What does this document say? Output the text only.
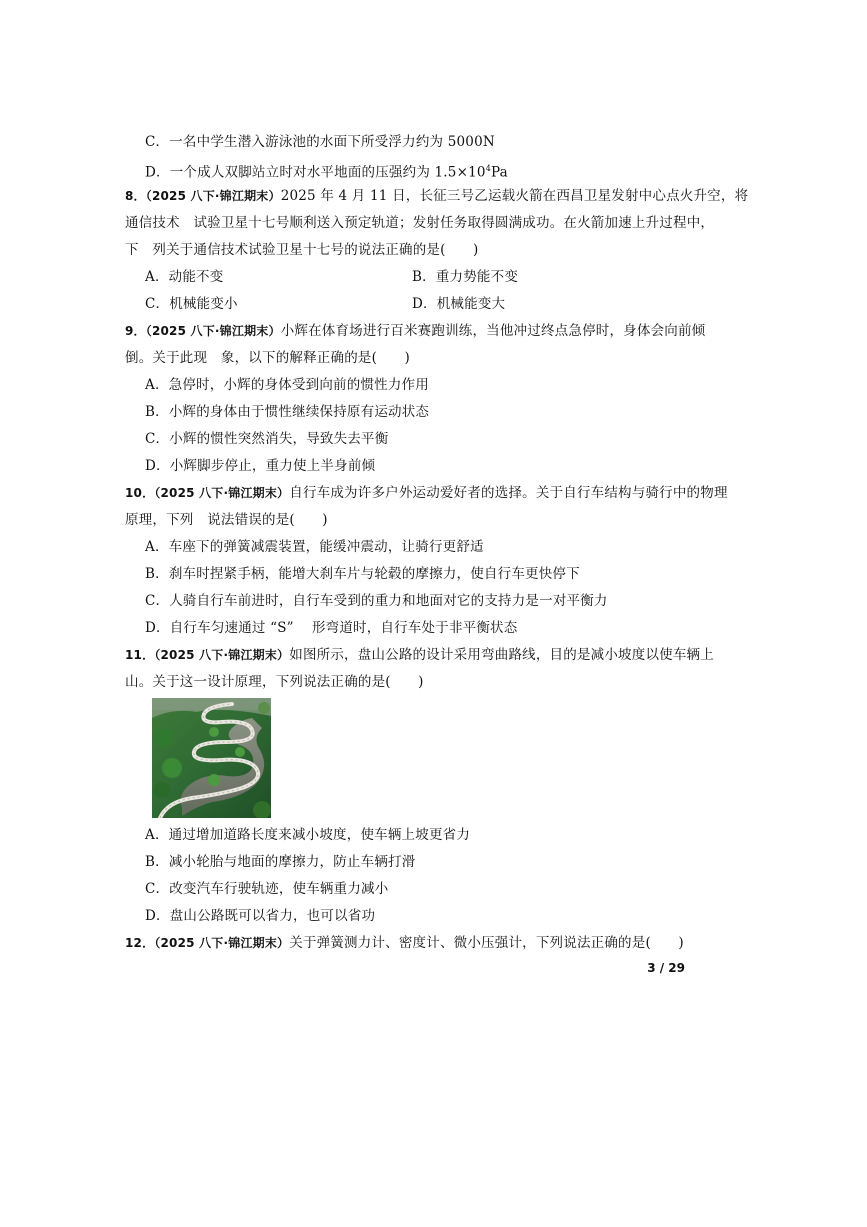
C．一名中学生潜入游泳池的水面下所受浮力约为 5000N
D．一个成人双脚站立时对水平地面的压强约为 $1.5\times 10^4Pa$
8．（2025 八下·锦江期末）2025 年 4 月 11 日，长征三号乙运载火箭在西昌卫星发射中心点火升空，将
通信技术　试验卫星十七号顺利送入预定轨道；发射任务取得圆满成功。在火箭加速上升过程中，
下　列关于通信技术试验卫星十七号的说法正确的是(　　)
A．动能不变	B．重力势能不变
C．机械能变小	D．机械能变大
9．（2025 八下·锦江期末）小辉在体育场进行百米赛跑训练，当他冲过终点急停时，身体会向前倾
倒。关于此现　象，以下的解释正确的是(　　)
A．急停时，小辉的身体受到向前的惯性力作用
B．小辉的身体由于惯性继续保持原有运动状态
C．小辉的惯性突然消失，导致失去平衡
D．小辉脚步停止，重力使上半身前倾
10．（2025 八下·锦江期末）自行车成为许多户外运动爱好者的选择。关于自行车结构与骑行中的物理
原理，下列　说法错误的是(　　)
A．车座下的弹簧减震装置，能缓冲震动，让骑行更舒适
B．刹车时捏紧手柄，能增大刹车片与轮毂的摩擦力，使自行车更快停下
C．人骑自行车前进时，自行车受到的重力和地面对它的支持力是一对平衡力
D．自行车匀速通过 “S”　 形弯道时，自行车处于非平衡状态
11．（2025 八下·锦江期末）如图所示，盘山公路的设计采用弯曲路线，目的是减小坡度以使车辆上
山。关于这一设计原理，下列说法正确的是(　　)
A．通过增加道路长度来减小坡度，使车辆上坡更省力
B．减小轮胎与地面的摩擦力，防止车辆打滑
C．改变汽车行驶轨迹，使车辆重力减小
D．盘山公路既可以省力，也可以省功
12．（2025 八下·锦江期末）关于弹簧测力计、密度计、微小压强计，下列说法正确的是(　　)
3 / 29
